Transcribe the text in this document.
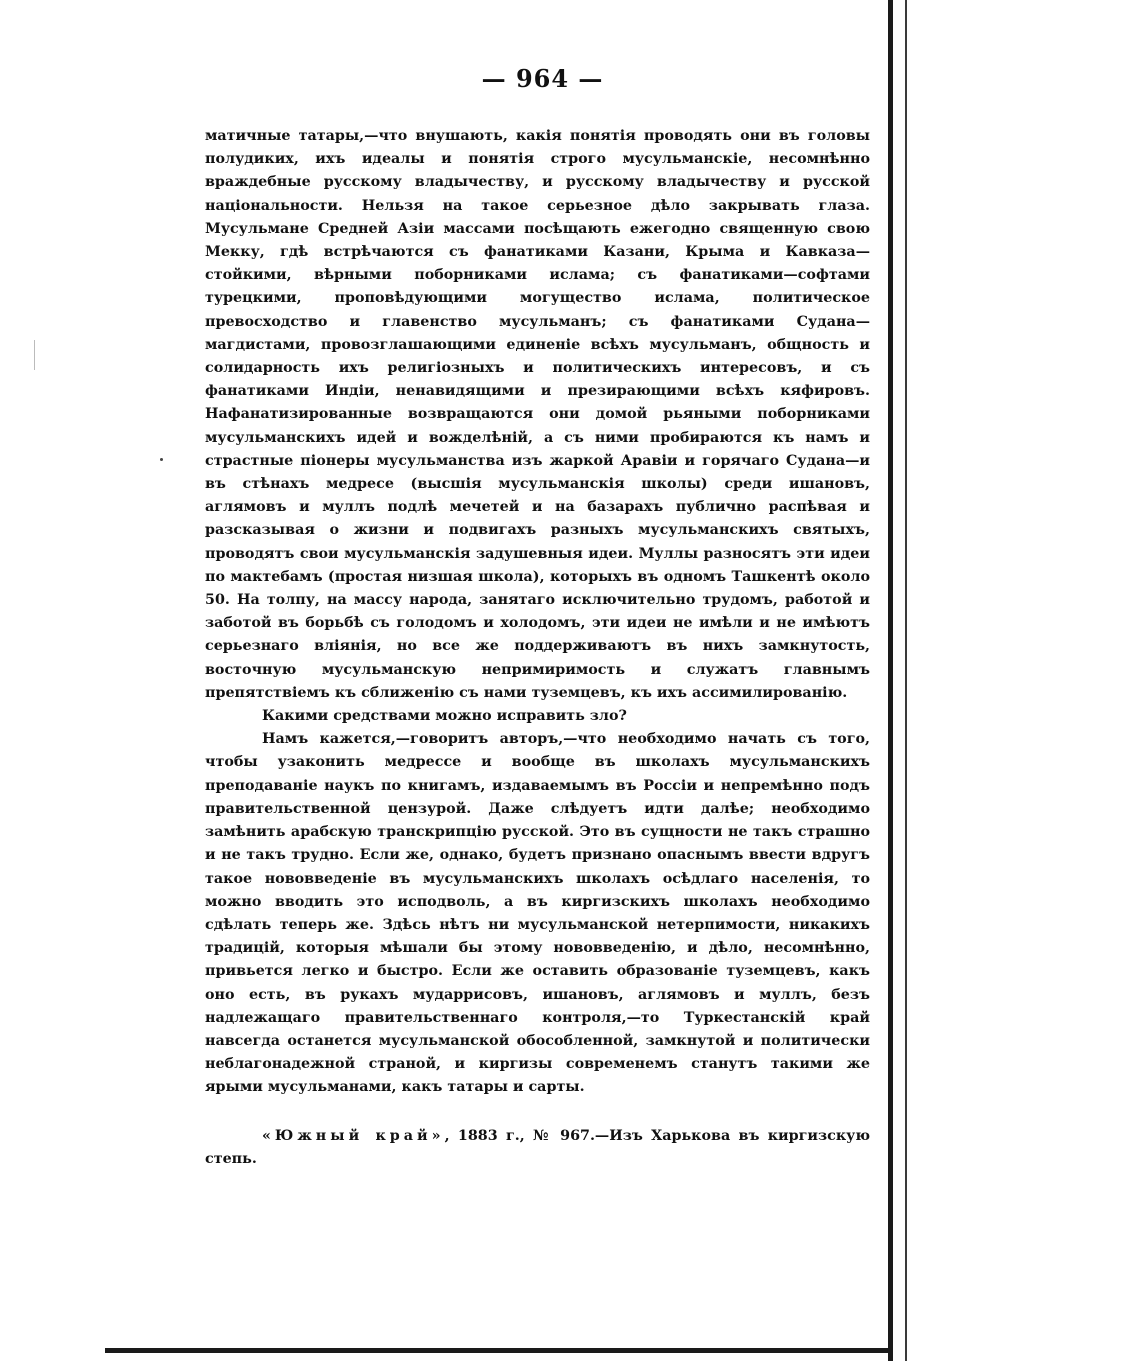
— 964 —

матичные татары,—что внушають, какія понятія проводять они въ головы полудиких, ихъ идеалы и понятія строго мусульманскіе, несомнѣнно враждебные русскому владычеству, и русскому владычеству и русской національности. Нельзя на такое серьезное дѣло закрывать глаза. Мусульмане Средней Азіи массами посѣщають ежегодно священную свою Мекку, гдѣ встрѣчаются съ фанатиками Казани, Крыма и Кавказа—стойкими, вѣрными поборниками ислама; съ фанатиками—софтами турецкими, проповѣдующими могущество ислама, политическое превосходство и главенство мусульманъ; съ фанатиками Судана—магдистами, провозглашающими единеніе всѣхъ мусульманъ, общность и солидарность ихъ религіозныхъ и политическихъ интересовъ, и съ фанатиками Индіи, ненавидящими и презирающими всѣхъ кяфировъ. Нафанатизированные возвращаются они домой рьяными поборниками мусульманскихъ идей и вожделѣній, а съ ними пробираются къ намъ и страстные піонеры мусульманства изъ жаркой Аравіи и горячаго Судана—и въ стѣнахъ медресе (высшія мусульманскія школы) среди ишановъ, аглямовъ и муллъ подлѣ мечетей и на базарахъ публично распѣвая и разсказывая о жизни и подвигахъ разныхъ мусульманскихъ святыхъ, проводятъ свои мусульманскія задушевныя идеи. Муллы разносятъ эти идеи по мактебамъ (простая низшая школа), которыхъ въ одномъ Ташкентѣ около 50. На толпу, на массу народа, занятаго исключительно трудомъ, работой и заботой въ борьбѣ съ голодомъ и холодомъ, эти идеи не имѣли и не имѣютъ серьезнаго вліянія, но все же поддерживаютъ въ нихъ замкнутость, восточную мусульманскую непримиримость и служатъ главнымъ препятствіемъ къ сближенію съ нами туземцевъ, къ ихъ ассимилированію.

Какими средствами можно исправить зло?

Намъ кажется,—говоритъ авторъ,—что необходимо начать съ того, чтобы узаконить медрессе и вообще въ школахъ мусульманскихъ преподаваніе наукъ по книгамъ, издаваемымъ въ Россіи и непремѣнно подъ правительственной цензурой. Даже слѣдуетъ идти далѣе; необходимо замѣнить арабскую транскрипцію русской. Это въ сущности не такъ страшно и не такъ трудно. Если же, однако, будетъ признано опаснымъ ввести вдругъ такое нововведеніе въ мусульманскихъ школахъ осѣдлаго населенія, то можно вводить это исподволь, а въ киргизскихъ школахъ необходимо сдѣлать теперь же. Здѣсь нѣтъ ни мусульманской нетерпимости, никакихъ традицій, которыя мѣшали бы этому нововведенію, и дѣло, несомнѣнно, привьется легко и быстро. Если же оставить образованіе туземцевъ, какъ оно есть, въ рукахъ мударрисовъ, ишановъ, аглямовъ и муллъ, безъ надлежащаго правительственнаго контроля,—то Туркестанскій край навсегда останется мусульманской обособленной, замкнутой и политически неблагонадежной страной, и киргизы современемъ станутъ такими же ярыми мусульманами, какъ татары и сарты.

«Южный край», 1883 г., № 967.—Изъ Харькова въ киргизскую степь.
